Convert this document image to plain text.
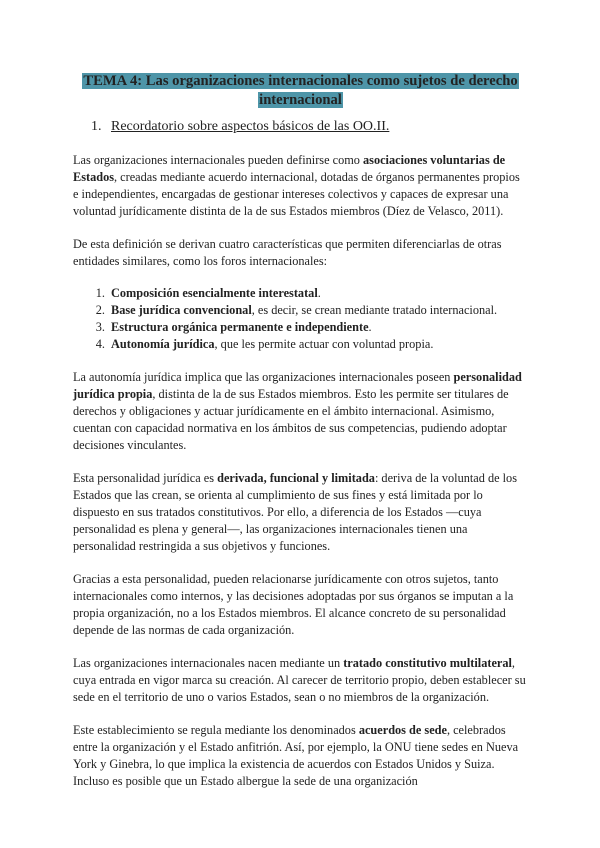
TEMA 4: Las organizaciones internacionales como sujetos de derecho internacional
1. Recordatorio sobre aspectos básicos de las OO.II.

Las organizaciones internacionales pueden definirse como asociaciones voluntarias de Estados, creadas mediante acuerdo internacional, dotadas de órganos permanentes propios e independientes, encargadas de gestionar intereses colectivos y capaces de expresar una voluntad jurídicamente distinta de la de sus Estados miembros (Díez de Velasco, 2011).

De esta definición se derivan cuatro características que permiten diferenciarlas de otras entidades similares, como los foros internacionales:

1. Composición esencialmente interestatal.
2. Base jurídica convencional, es decir, se crean mediante tratado internacional.
3. Estructura orgánica permanente e independiente.
4. Autonomía jurídica, que les permite actuar con voluntad propia.

La autonomía jurídica implica que las organizaciones internacionales poseen personalidad jurídica propia, distinta de la de sus Estados miembros. Esto les permite ser titulares de derechos y obligaciones y actuar jurídicamente en el ámbito internacional. Asimismo, cuentan con capacidad normativa en los ámbitos de sus competencias, pudiendo adoptar decisiones vinculantes.

Esta personalidad jurídica es derivada, funcional y limitada: deriva de la voluntad de los Estados que las crean, se orienta al cumplimiento de sus fines y está limitada por lo dispuesto en sus tratados constitutivos. Por ello, a diferencia de los Estados —cuya personalidad es plena y general—, las organizaciones internacionales tienen una personalidad restringida a sus objetivos y funciones.

Gracias a esta personalidad, pueden relacionarse jurídicamente con otros sujetos, tanto internacionales como internos, y las decisiones adoptadas por sus órganos se imputan a la propia organización, no a los Estados miembros. El alcance concreto de su personalidad depende de las normas de cada organización.

Las organizaciones internacionales nacen mediante un tratado constitutivo multilateral, cuya entrada en vigor marca su creación. Al carecer de territorio propio, deben establecer su sede en el territorio de uno o varios Estados, sean o no miembros de la organización.

Este establecimiento se regula mediante los denominados acuerdos de sede, celebrados entre la organización y el Estado anfitrión. Así, por ejemplo, la ONU tiene sedes en Nueva York y Ginebra, lo que implica la existencia de acuerdos con Estados Unidos y Suiza. Incluso es posible que un Estado albergue la sede de una organización
